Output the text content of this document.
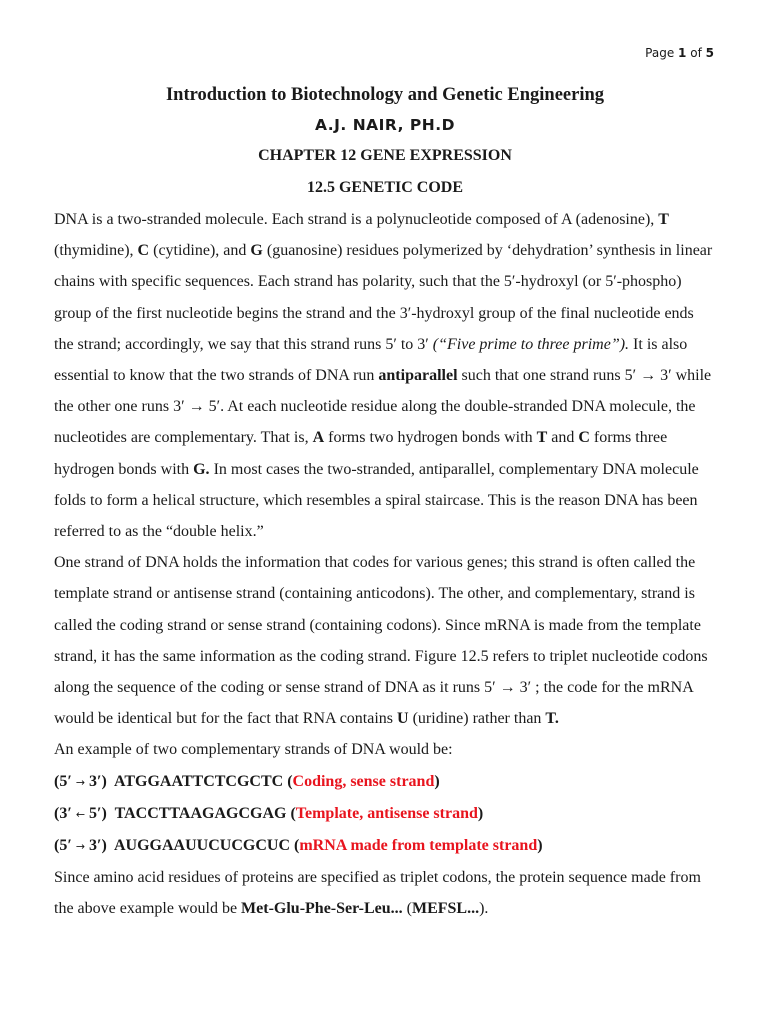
Page 1 of 5

Introduction to Biotechnology and Genetic Engineering

A.J. NAIR, PH.D

CHAPTER 12 GENE EXPRESSION

12.5 GENETIC CODE

DNA is a two-stranded molecule. Each strand is a polynucleotide composed of A (adenosine), T (thymidine), C (cytidine), and G (guanosine) residues polymerized by ‘dehydration’ synthesis in linear chains with specific sequences. Each strand has polarity, such that the 5′-hydroxyl (or 5′-phospho) group of the first nucleotide begins the strand and the 3′-hydroxyl group of the final nucleotide ends the strand; accordingly, we say that this strand runs 5′ to 3′ (“Five prime to three prime”). It is also essential to know that the two strands of DNA run antiparallel such that one strand runs 5′ → 3′ while the other one runs 3′ → 5′. At each nucleotide residue along the double-stranded DNA molecule, the nucleotides are complementary. That is, A forms two hydrogen bonds with T and C forms three hydrogen bonds with G. In most cases the two-stranded, antiparallel, complementary DNA molecule folds to form a helical structure, which resembles a spiral staircase. This is the reason DNA has been referred to as the “double helix.”

One strand of DNA holds the information that codes for various genes; this strand is often called the template strand or antisense strand (containing anticodons). The other, and complementary, strand is called the coding strand or sense strand (containing codons). Since mRNA is made from the template strand, it has the same information as the coding strand. Figure 12.5 refers to triplet nucleotide codons along the sequence of the coding or sense strand of DNA as it runs 5′ → 3′ ; the code for the mRNA would be identical but for the fact that RNA contains U (uridine) rather than T.

An example of two complementary strands of DNA would be:

(5′ → 3′)  ATGGAATTCTCGCTC (Coding, sense strand)

(3′ ← 5′)  TACCTTAAGAGCGAG (Template, antisense strand)

(5′ → 3′)  AUGGAAUUCUCGCUC (mRNA made from template strand)

Since amino acid residues of proteins are specified as triplet codons, the protein sequence made from the above example would be Met-Glu-Phe-Ser-Leu... (MEFSL...).
